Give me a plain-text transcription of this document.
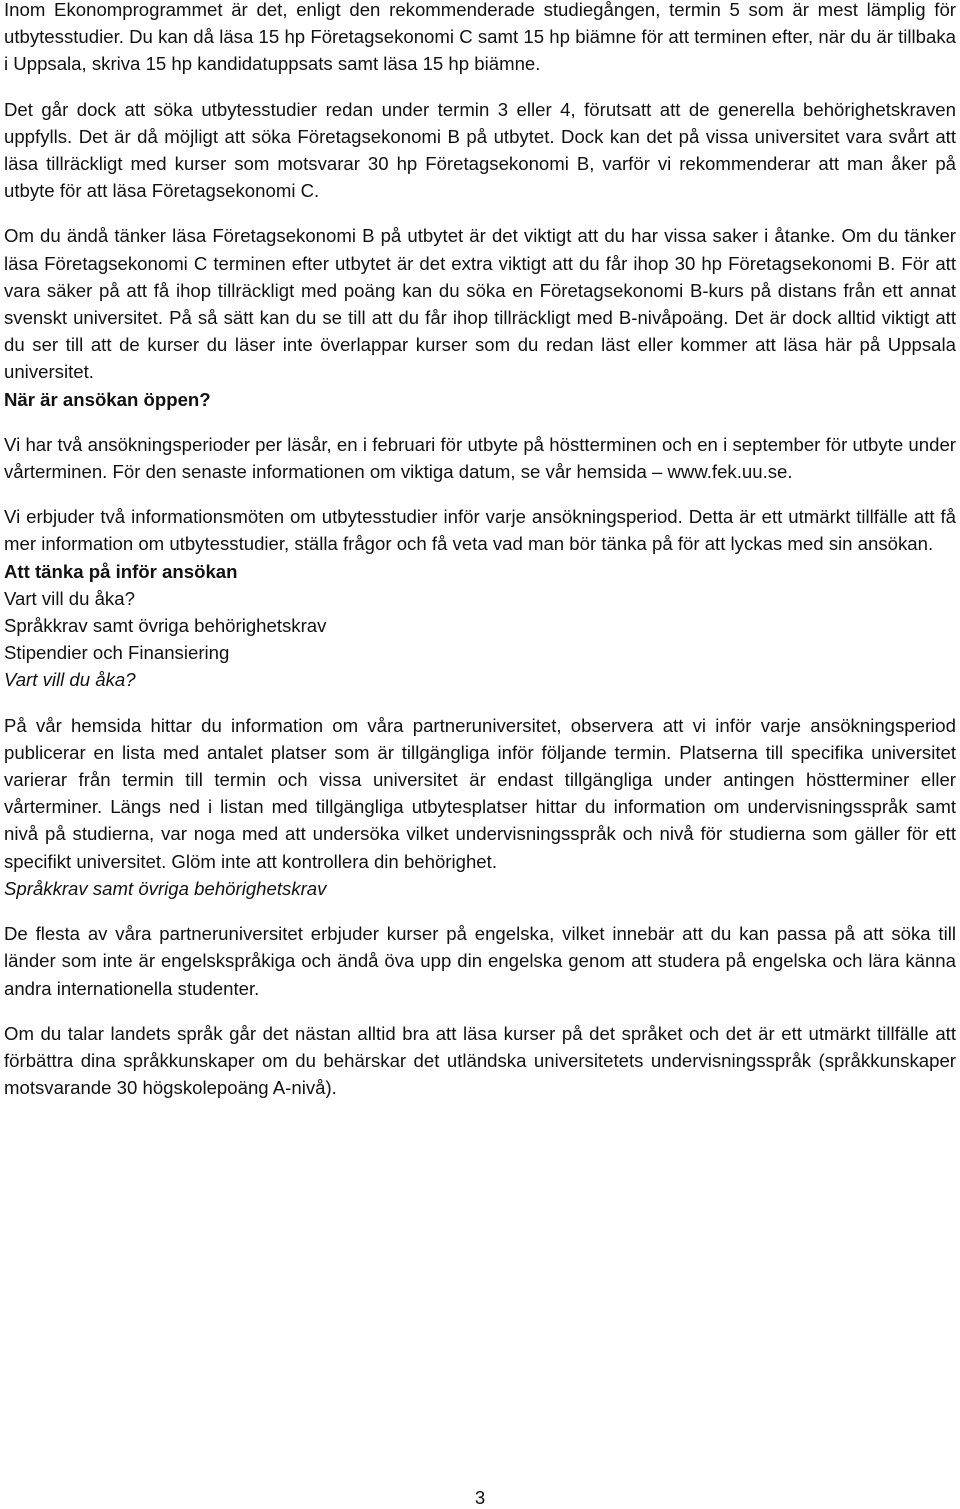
Inom Ekonomprogrammet är det, enligt den rekommenderade studiegången, termin 5 som är mest lämplig för utbytesstudier. Du kan då läsa 15 hp Företagsekonomi C samt 15 hp biämne för att terminen efter, när du är tillbaka i Uppsala, skriva 15 hp kandidatuppsats samt läsa 15 hp biämne.

Det går dock att söka utbytesstudier redan under termin 3 eller 4, förutsatt att de generella behörighetskraven uppfylls. Det är då möjligt att söka Företagsekonomi B på utbytet. Dock kan det på vissa universitet vara svårt att läsa tillräckligt med kurser som motsvarar 30 hp Företagsekonomi B, varför vi rekommenderar att man åker på utbyte för att läsa Företagsekonomi C.

Om du ändå tänker läsa Företagsekonomi B på utbytet är det viktigt att du har vissa saker i åtanke. Om du tänker läsa Företagsekonomi C terminen efter utbytet är det extra viktigt att du får ihop 30 hp Företagsekonomi B. För att vara säker på att få ihop tillräckligt med poäng kan du söka en Företagsekonomi B-kurs på distans från ett annat svenskt universitet. På så sätt kan du se till att du får ihop tillräckligt med B-nivåpoäng. Det är dock alltid viktigt att du ser till att de kurser du läser inte överlappar kurser som du redan läst eller kommer att läsa här på Uppsala universitet.

När är ansökan öppen?

Vi har två ansökningsperioder per läsår, en i februari för utbyte på höstterminen och en i september för utbyte under vårterminen. För den senaste informationen om viktiga datum, se vår hemsida – www.fek.uu.se.

Vi erbjuder två informationsmöten om utbytesstudier inför varje ansökningsperiod. Detta är ett utmärkt tillfälle att få mer information om utbytesstudier, ställa frågor och få veta vad man bör tänka på för att lyckas med sin ansökan.

Att tänka på inför ansökan

Vart vill du åka?

Språkkrav samt övriga behörighetskrav

Stipendier och Finansiering

Vart vill du åka?

På vår hemsida hittar du information om våra partneruniversitet, observera att vi inför varje ansökningsperiod publicerar en lista med antalet platser som är tillgängliga inför följande termin. Platserna till specifika universitet varierar från termin till termin och vissa universitet är endast tillgängliga under antingen höstterminer eller vårterminer. Längs ned i listan med tillgängliga utbytesplatser hittar du information om undervisningsspråk samt nivå på studierna, var noga med att undersöka vilket undervisningsspråk och nivå för studierna som gäller för ett specifikt universitet. Glöm inte att kontrollera din behörighet.

Språkkrav samt övriga behörighetskrav

De flesta av våra partneruniversitet erbjuder kurser på engelska, vilket innebär att du kan passa på att söka till länder som inte är engelskspråkiga och ändå öva upp din engelska genom att studera på engelska och lära känna andra internationella studenter.

Om du talar landets språk går det nästan alltid bra att läsa kurser på det språket och det är ett utmärkt tillfälle att förbättra dina språkkunskaper om du behärskar det utländska universitetets undervisningsspråk (språkkunskaper motsvarande 30 högskolepoäng A-nivå).

3
